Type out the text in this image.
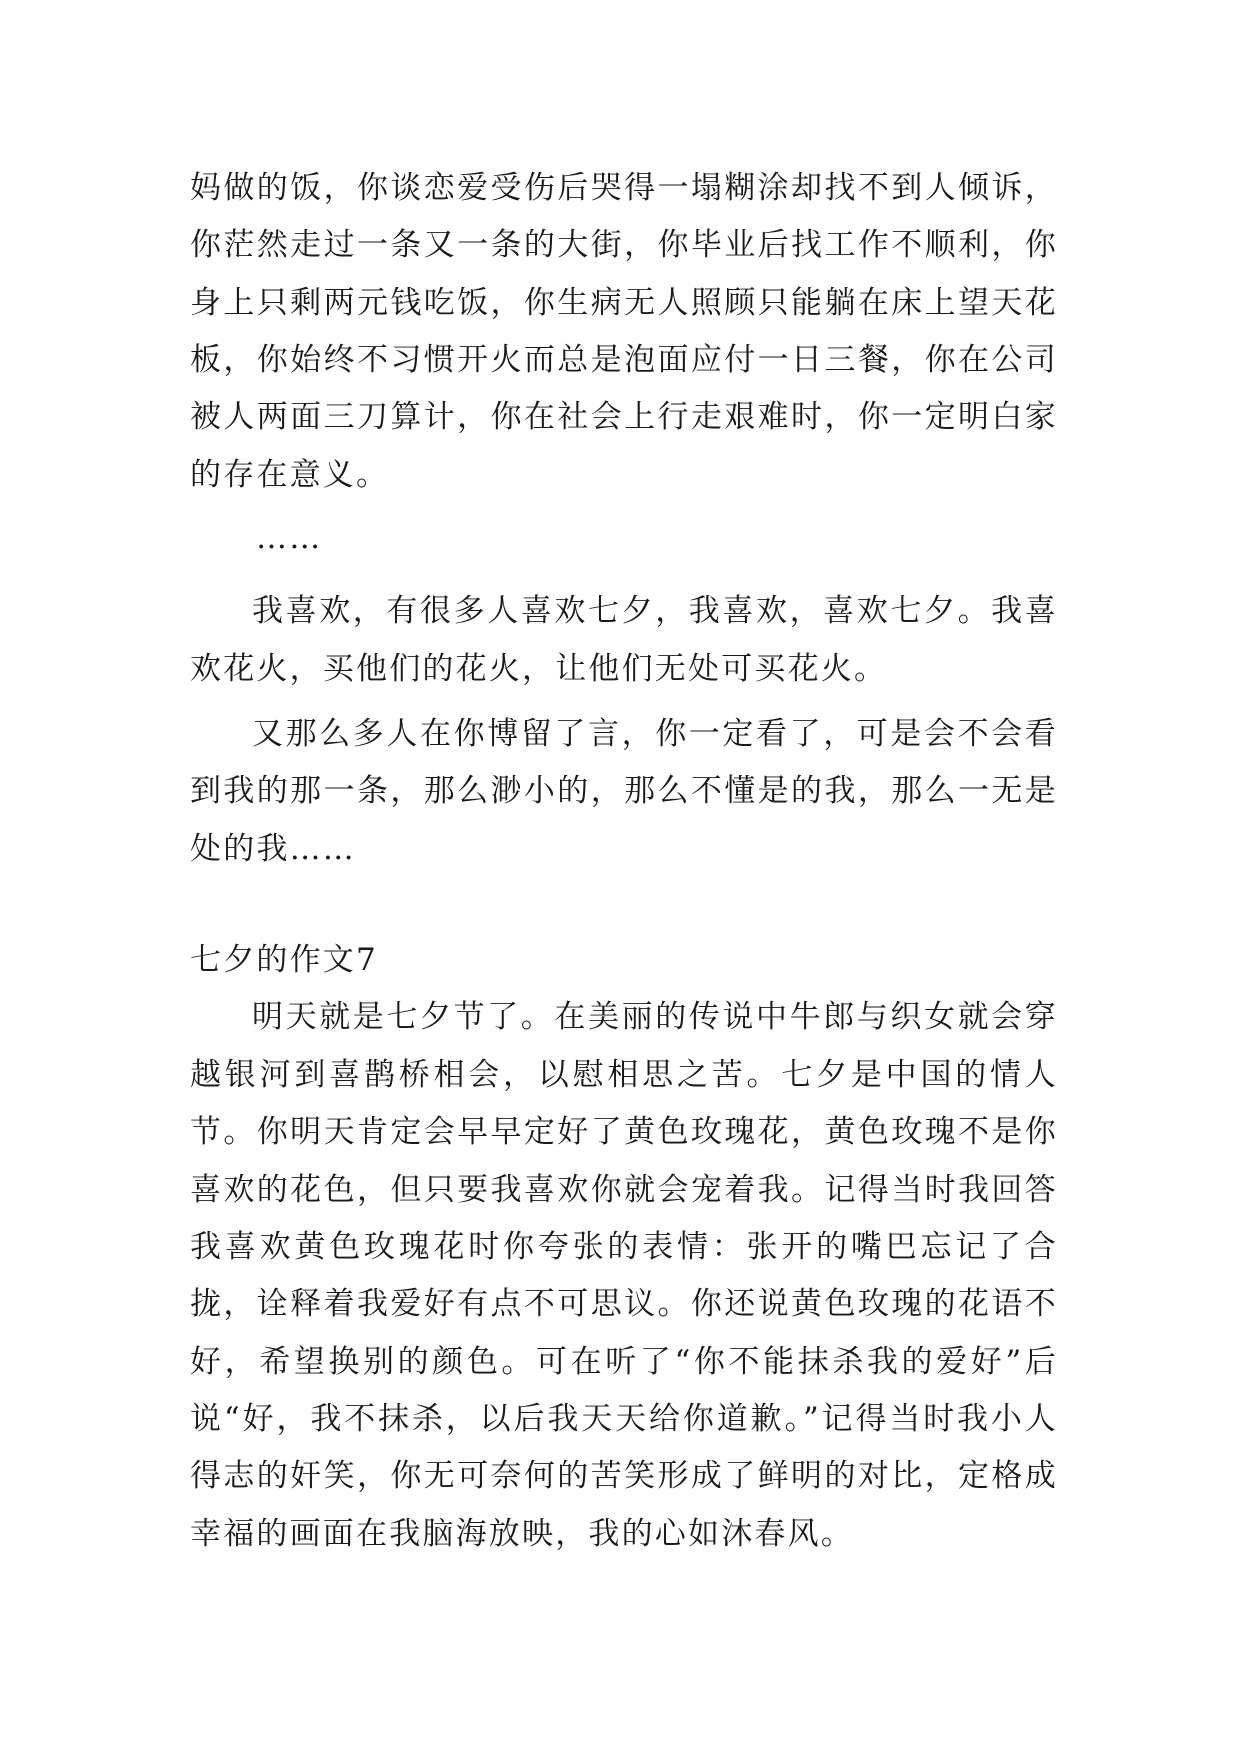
妈做的饭，你谈恋爱受伤后哭得一塌糊涂却找不到人倾诉，你茫然走过一条又一条的大街，你毕业后找工作不顺利，你身上只剩两元钱吃饭，你生病无人照顾只能躺在床上望天花板，你始终不习惯开火而总是泡面应付一日三餐，你在公司被人两面三刀算计，你在社会上行走艰难时，你一定明白家的存在意义。

……

我喜欢，有很多人喜欢七夕，我喜欢，喜欢七夕。我喜欢花火，买他们的花火，让他们无处可买花火。

又那么多人在你博留了言，你一定看了，可是会不会看到我的那一条，那么渺小的，那么不懂是的我，那么一无是处的我……

七夕的作文7

明天就是七夕节了。在美丽的传说中牛郎与织女就会穿越银河到喜鹊桥相会，以慰相思之苦。七夕是中国的情人节。你明天肯定会早早定好了黄色玫瑰花，黄色玫瑰不是你喜欢的花色，但只要我喜欢你就会宠着我。记得当时我回答我喜欢黄色玫瑰花时你夸张的表情：张开的嘴巴忘记了合拢，诠释着我爱好有点不可思议。你还说黄色玫瑰的花语不好，希望换别的颜色。可在听了“你不能抹杀我的爱好”后说“好，我不抹杀，以后我天天给你道歉。”记得当时我小人得志的奸笑，你无可奈何的苦笑形成了鲜明的对比，定格成幸福的画面在我脑海放映，我的心如沐春风。
